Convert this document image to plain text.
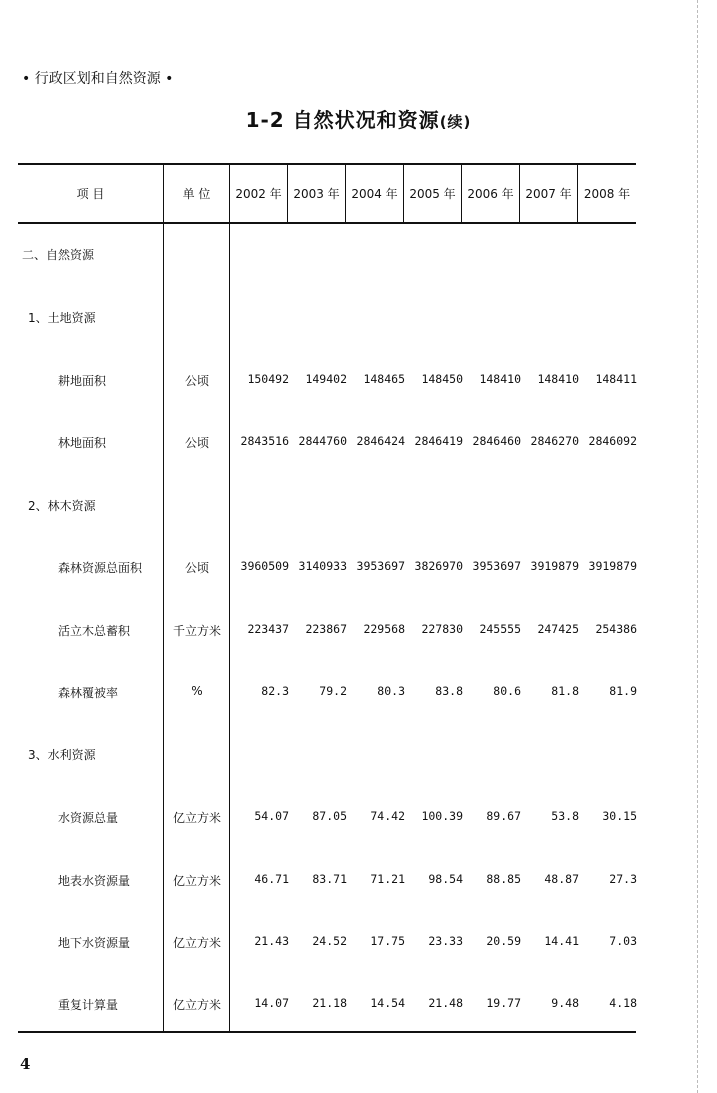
• 行政区划和自然资源 •
1-2 自然状况和资源(续)
项 目	单 位	2002 年 2003 年 2004 年 2005 年 2006 年 2007 年	2008 年
二、自然资源
1、土地资源
耕地面积	公顷	150492	149402	148465	148450	148410	148410	148411
林地面积	公顷	2843516 2844760 2846424 2846419 2846460 2846270 2846092
2、林木资源
森林资源总面积	公顷	3960509 3140933 3953697 3826970 3953697 3919879 3919879
活立木总蓄积	千立方米	223437	223867	229568	227830	245555	247425	254386
森林覆被率	%	82.3	79.2	80.3	83.8	80.6	81.8	81.9
3、水利资源
水资源总量	亿立方米	54.07	87.05	74.42	100.39	89.67	53.8	30.15
地表水资源量	亿立方米	46.71	83.71	71.21	98.54	88.85	48.87	27.3
地下水资源量	亿立方米	21.43	24.52	17.75	23.33	20.59	14.41	7.03
重复计算量	亿立方米	14.07	21.18	14.54	21.48	19.77	9.48	4.18
4
